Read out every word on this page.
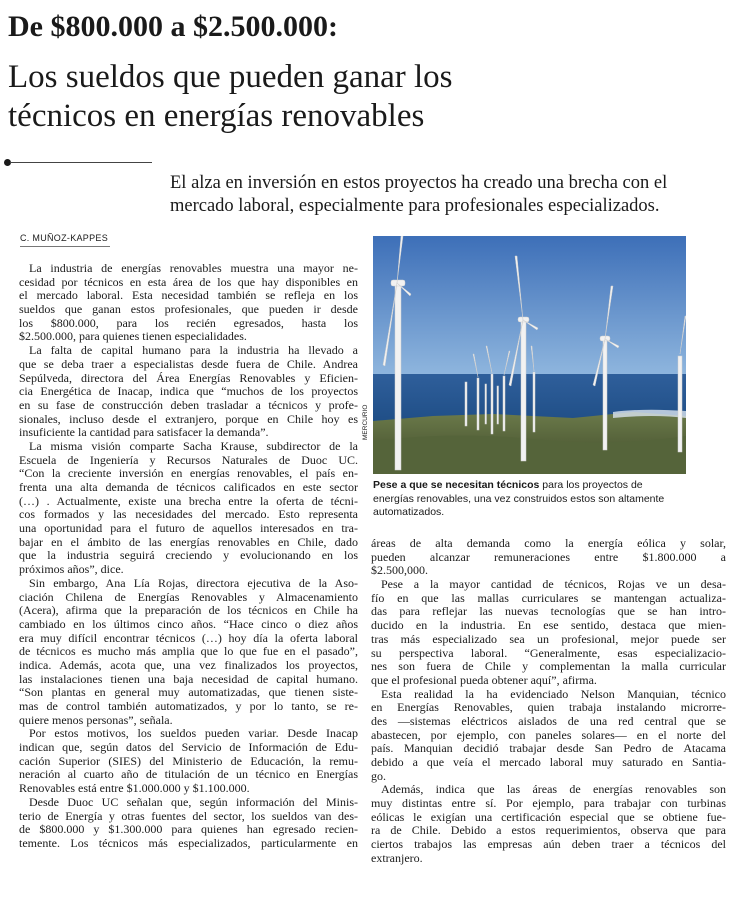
De $800.000 a $2.500.000:
Los sueldos que pueden ganar los
técnicos en energías renovables
El alza en inversión en estos proyectos ha creado una brecha con el
mercado laboral, especialmente para profesionales especializados.
C. MUÑOZ-KAPPES
La industria de energías renovables muestra una mayor ne-
cesidad por técnicos en esta área de los que hay disponibles en
el mercado laboral. Esta necesidad también se refleja en los
sueldos que ganan estos profesionales, que pueden ir desde
los $800.000, para los recién egresados, hasta los
$2.500.000, para quienes tienen especialidades.
La falta de capital humano para la industria ha llevado a
que se deba traer a especialistas desde fuera de Chile. Andrea
Sepúlveda, directora del Área Energías Renovables y Eficien-
cia Energética de Inacap, indica que “muchos de los proyectos
en su fase de construcción deben trasladar a técnicos y profe-
sionales, incluso desde el extranjero, porque en Chile hoy es
insuficiente la cantidad para satisfacer la demanda”.
La misma visión comparte Sacha Krause, subdirector de la
Escuela de Ingeniería y Recursos Naturales de Duoc UC.
“Con la creciente inversión en energías renovables, el país en-
frenta una alta demanda de técnicos calificados en este sector
(…) . Actualmente, existe una brecha entre la oferta de técni-
cos formados y las necesidades del mercado. Esto representa
una oportunidad para el futuro de aquellos interesados en tra-
bajar en el ámbito de las energías renovables en Chile, dado
que la industria seguirá creciendo y evolucionando en los
próximos años”, dice.
Sin embargo, Ana Lía Rojas, directora ejecutiva de la Aso-
ciación Chilena de Energías Renovables y Almacenamiento
(Acera), afirma que la preparación de los técnicos en Chile ha
cambiado en los últimos cinco años. “Hace cinco o diez años
era muy difícil encontrar técnicos (…) hoy día la oferta laboral
de técnicos es mucho más amplia que lo que fue en el pasado”,
indica. Además, acota que, una vez finalizados los proyectos,
las instalaciones tienen una baja necesidad de capital humano.
“Son plantas en general muy automatizadas, que tienen siste-
mas de control también automatizados, y por lo tanto, se re-
quiere menos personas”, señala.
Por estos motivos, los sueldos pueden variar. Desde Inacap
indican que, según datos del Servicio de Información de Edu-
cación Superior (SIES) del Ministerio de Educación, la remu-
neración al cuarto año de titulación de un técnico en Energías
Renovables está entre $1.000.000 y $1.100.000.
Desde Duoc UC señalan que, según información del Minis-
terio de Energía y otras fuentes del sector, los sueldos van des-
de $800.000 y $1.300.000 para quienes han egresado recien-
temente. Los técnicos más especializados, particularmente en
MERCURIO
Pese a que se necesitan técnicos para los proyectos de
energías renovables, una vez construidos estos son altamente
automatizados.
áreas de alta demanda como la energía eólica y solar,
pueden alcanzar remuneraciones entre $1.800.000 a
$2.500,000.
Pese a la mayor cantidad de técnicos, Rojas ve un desa-
fío en que las mallas curriculares se mantengan actualiza-
das para reflejar las nuevas tecnologías que se han intro-
ducido en la industria. En ese sentido, destaca que mien-
tras más especializado sea un profesional, mejor puede ser
su perspectiva laboral. “Generalmente, esas especializacio-
nes son fuera de Chile y complementan la malla curricular
que el profesional pueda obtener aquí”, afirma.
Esta realidad la ha evidenciado Nelson Manquian, técnico
en Energías Renovables, quien trabaja instalando microrre-
des —sistemas eléctricos aislados de una red central que se
abastecen, por ejemplo, con paneles solares— en el norte del
país. Manquian decidió trabajar desde San Pedro de Atacama
debido a que veía el mercado laboral muy saturado en Santia-
go.
Además, indica que las áreas de energías renovables son
muy distintas entre sí. Por ejemplo, para trabajar con turbinas
eólicas le exigían una certificación especial que se obtiene fue-
ra de Chile. Debido a estos requerimientos, observa que para
ciertos trabajos las empresas aún deben traer a técnicos del
extranjero.
